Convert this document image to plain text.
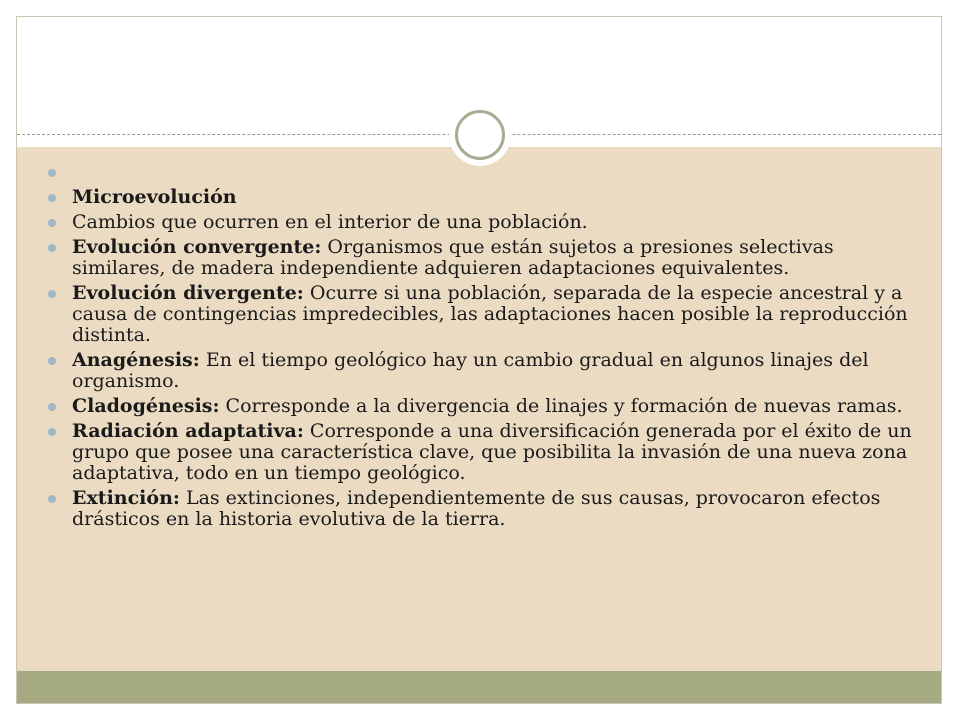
Microevolución
Cambios que ocurren en el interior de una población.
Evolución convergente: Organismos que están sujetos a presiones selectivas similares, de madera independiente adquieren adaptaciones equivalentes.
Evolución divergente: Ocurre si una población, separada de la especie ancestral y a causa de contingencias impredecibles, las adaptaciones hacen posible la reproducción distinta.
Anagénesis: En el tiempo geológico hay un cambio gradual en algunos linajes del organismo.
Cladogénesis: Corresponde a la divergencia de linajes y formación de nuevas ramas.
Radiación adaptativa: Corresponde a una diversificación generada por el éxito de un grupo que posee una característica clave, que posibilita la invasión de una nueva zona adaptativa, todo en un tiempo geológico.
Extinción: Las extinciones, independientemente de sus causas, provocaron efectos drásticos en la historia evolutiva de la tierra.
